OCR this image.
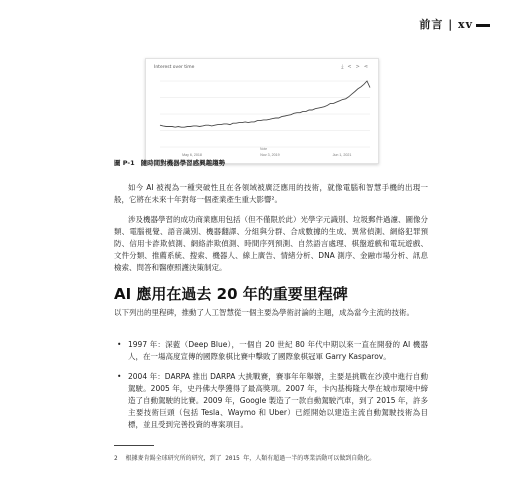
前言 | xv
Interest over time	⤓<>⋖
May 6, 2018	Nov 3, 2019	Jun 1, 2021
Note
圖 P-1 隨時間對機器學習感興趣趨勢
如今 AI 被視為一種突破性且在各領域被廣泛應用的技術，就像電腦和智慧手機的出現一般，它將在未來十年對每一個產業產生重大影響²。
涉及機器學習的成功商業應用包括（但不僅限於此）光學字元識別、垃圾郵件過濾、圖像分類、電腦視覺、語音識別、機器翻譯、分組與分群、合成數據的生成、異常偵測、網絡犯罪預防、信用卡詐欺偵測、網絡詐欺偵測、時間序列預測、自然語言處理、棋盤遊戲和電玩遊戲、文件分類、推薦系統、搜索、機器人、線上廣告、情緒分析、DNA 測序、金融市場分析、訊息檢索、問答和醫療照護決策制定。
AI 應用在過去 20 年的重要里程碑
以下列出的里程碑，推動了人工智慧從一個主要為學術討論的主題，成為當今主流的技術。
• 1997 年：深藍（Deep Blue），一個自 20 世紀 80 年代中期以來一直在開發的 AI 機器人，在一場高度宣傳的國際象棋比賽中擊敗了國際象棋冠軍 Garry Kasparov。
• 2004 年：DARPA 推出 DARPA 大挑戰賽，賽事年年舉辦，主要是挑戰在沙漠中進行自動駕駛。2005 年，史丹佛大學獲得了最高獎項。2007 年，卡內基梅隆大學在城市環境中締造了自動駕駛的比賽。2009 年，Google 製造了一款自動駕駛汽車，到了 2015 年，許多主要技術巨頭（包括 Tesla、Waymo 和 Uber）已經開始以建造主流自動駕駛技術為目標，並且受到完善投資的專案項目。
2 根據麥肯錫全球研究所的研究，到了 2015 年，人類有超過一半的專業活動可以做到自動化。
